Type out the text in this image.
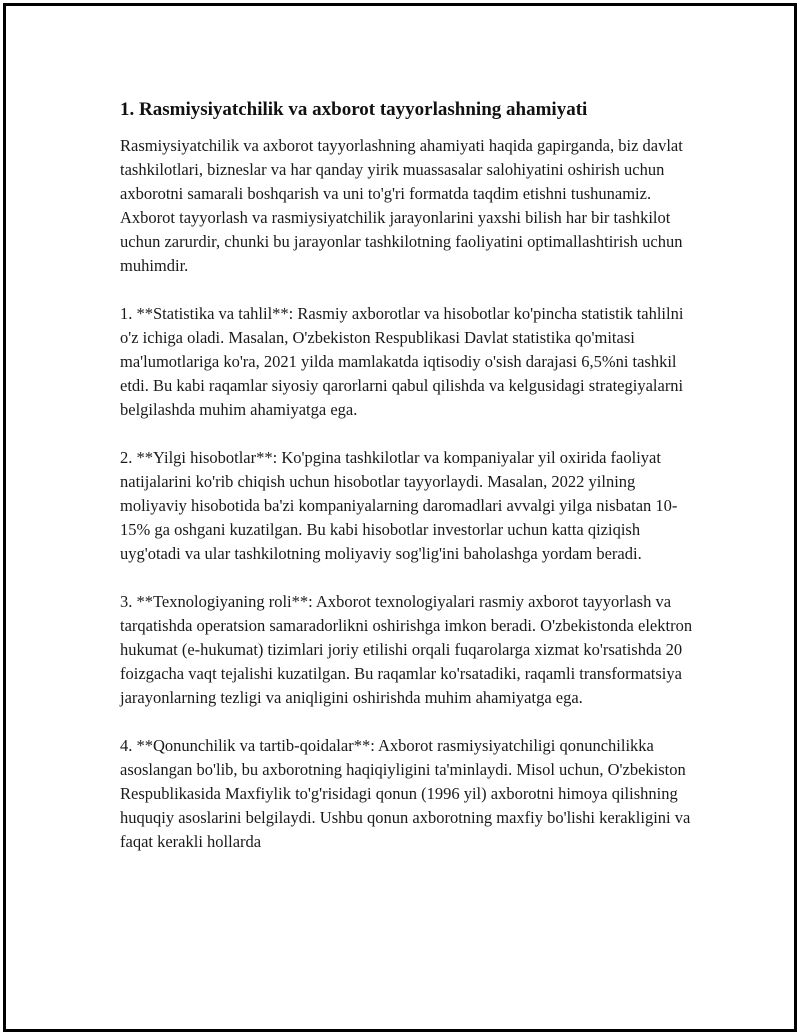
1. Rasmiysiyatchilik va axborot tayyorlashning ahamiyati

Rasmiysiyatchilik va axborot tayyorlashning ahamiyati haqida gapirganda, biz davlat tashkilotlari, bizneslar va har qanday yirik muassasalar salohiyatini oshirish uchun axborotni samarali boshqarish va uni to'g'ri formatda taqdim etishni tushunamiz. Axborot tayyorlash va rasmiysiyatchilik jarayonlarini yaxshi bilish har bir tashkilot uchun zarurdir, chunki bu jarayonlar tashkilotning faoliyatini optimallashtirish uchun muhimdir.

1. **Statistika va tahlil**: Rasmiy axborotlar va hisobotlar ko'pincha statistik tahlilni o'z ichiga oladi. Masalan, O'zbekiston Respublikasi Davlat statistika qo'mitasi ma'lumotlariga ko'ra, 2021 yilda mamlakatda iqtisodiy o'sish darajasi 6,5%ni tashkil etdi. Bu kabi raqamlar siyosiy qarorlarni qabul qilishda va kelgusidagi strategiyalarni belgilashda muhim ahamiyatga ega.

2. **Yilgi hisobotlar**: Ko'pgina tashkilotlar va kompaniyalar yil oxirida faoliyat natijalarini ko'rib chiqish uchun hisobotlar tayyorlaydi. Masalan, 2022 yilning moliyaviy hisobotida ba'zi kompaniyalarning daromadlari avvalgi yilga nisbatan 10-15% ga oshgani kuzatilgan. Bu kabi hisobotlar investorlar uchun katta qiziqish uyg'otadi va ular tashkilotning moliyaviy sog'lig'ini baholashga yordam beradi.

3. **Texnologiyaning roli**: Axborot texnologiyalari rasmiy axborot tayyorlash va tarqatishda operatsion samaradorlikni oshirishga imkon beradi. O'zbekistonda elektron hukumat (e-hukumat) tizimlari joriy etilishi orqali fuqarolarga xizmat ko'rsatishda 20 foizgacha vaqt tejalishi kuzatilgan. Bu raqamlar ko'rsatadiki, raqamli transformatsiya jarayonlarning tezligi va aniqligini oshirishda muhim ahamiyatga ega.

4. **Qonunchilik va tartib-qoidalar**: Axborot rasmiysiyatchiligi qonunchilikka asoslangan bo'lib, bu axborotning haqiqiyligini ta'minlaydi. Misol uchun, O'zbekiston Respublikasida Maxfiylik to'g'risidagi qonun (1996 yil) axborotni himoya qilishning huquqiy asoslarini belgilaydi. Ushbu qonun axborotning maxfiy bo'lishi kerakligini va faqat kerakli hollarda
